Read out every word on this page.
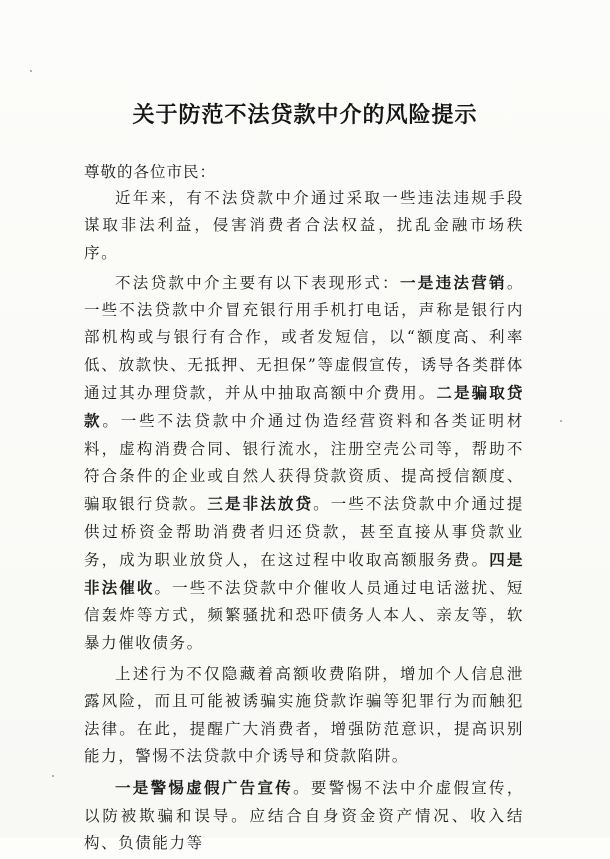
关于防范不法贷款中介的风险提示
尊敬的各位市民：

近年来，有不法贷款中介通过采取一些违法违规手段谋取非法利益，侵害消费者合法权益，扰乱金融市场秩序。

不法贷款中介主要有以下表现形式：一是违法营销。一些不法贷款中介冒充银行用手机打电话，声称是银行内部机构或与银行有合作，或者发短信，以“额度高、利率低、放款快、无抵押、无担保”等虚假宣传，诱导各类群体通过其办理贷款，并从中抽取高额中介费用。二是骗取贷款。一些不法贷款中介通过伪造经营资料和各类证明材料，虚构消费合同、银行流水，注册空壳公司等，帮助不符合条件的企业或自然人获得贷款资质、提高授信额度、骗取银行贷款。三是非法放贷。一些不法贷款中介通过提供过桥资金帮助消费者归还贷款，甚至直接从事贷款业务，成为职业放贷人，在这过程中收取高额服务费。四是非法催收。一些不法贷款中介催收人员通过电话滋扰、短信轰炸等方式，频繁骚扰和恐吓债务人本人、亲友等，软暴力催收债务。

上述行为不仅隐藏着高额收费陷阱，增加个人信息泄露风险，而且可能被诱骗实施贷款诈骗等犯罪行为而触犯法律。在此，提醒广大消费者，增强防范意识，提高识别能力，警惕不法贷款中介诱导和贷款陷阱。

一是警惕虚假广告宣传。要警惕不法中介虚假宣传，以防被欺骗和误导。应结合自身资金资产情况、收入结构、负债能力等
